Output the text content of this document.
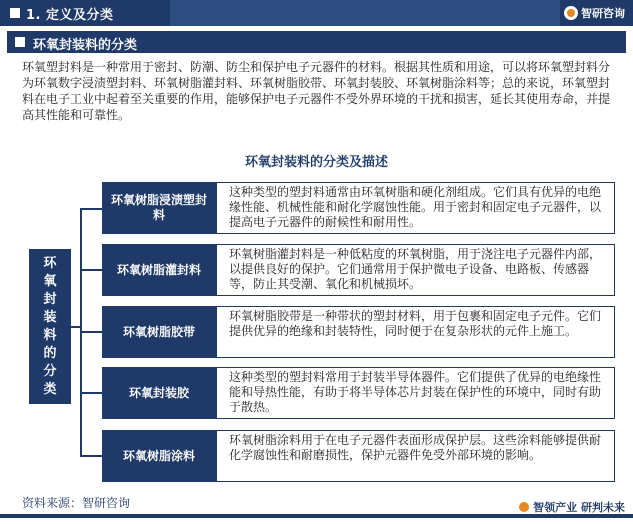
1. 定义及分类	智研咨询
环氧封装料的分类
环氧塑封料是一种常用于密封、防潮、防尘和保护电子元器件的材料。根据其性质和用途，可以将环氧塑封料分为环氧数字浸渍塑封料、环氧树脂灌封料、环氧树脂胶带、环氧封装胶、环氧树脂涂料等；总的来说，环氧塑封料在电子工业中起着至关重要的作用，能够保护电子元器件不受外界环境的干扰和损害，延长其使用寿命，并提高其性能和可靠性。
环氧封装料的分类及描述
环氧封装料的分类
环氧树脂浸渍塑封料
这种类型的塑封料通常由环氧树脂和硬化剂组成。它们具有优异的电绝缘性能、机械性能和耐化学腐蚀性能。用于密封和固定电子元器件，以提高电子元器件的耐候性和耐用性。
环氧树脂灌封料
环氧树脂灌封料是一种低粘度的环氧树脂，用于浇注电子元器件内部，以提供良好的保护。它们通常用于保护微电子设备、电路板、传感器等，防止其受潮、氧化和机械损坏。
环氧树脂胶带
环氧树脂胶带是一种带状的塑封材料，用于包裹和固定电子元件。它们提供优异的绝缘和封装特性，同时便于在复杂形状的元件上施工。
环氧封装胶
这种类型的塑封料常用于封装半导体器件。它们提供了优异的电绝缘性能和导热性能，有助于将半导体芯片封装在保护性的环境中，同时有助于散热。
环氧树脂涂料
环氧树脂涂料用于在电子元器件表面形成保护层。这些涂料能够提供耐化学腐蚀性和耐磨损性，保护元器件免受外部环境的影响。
资料来源：智研咨询	智领产业 研判未来
